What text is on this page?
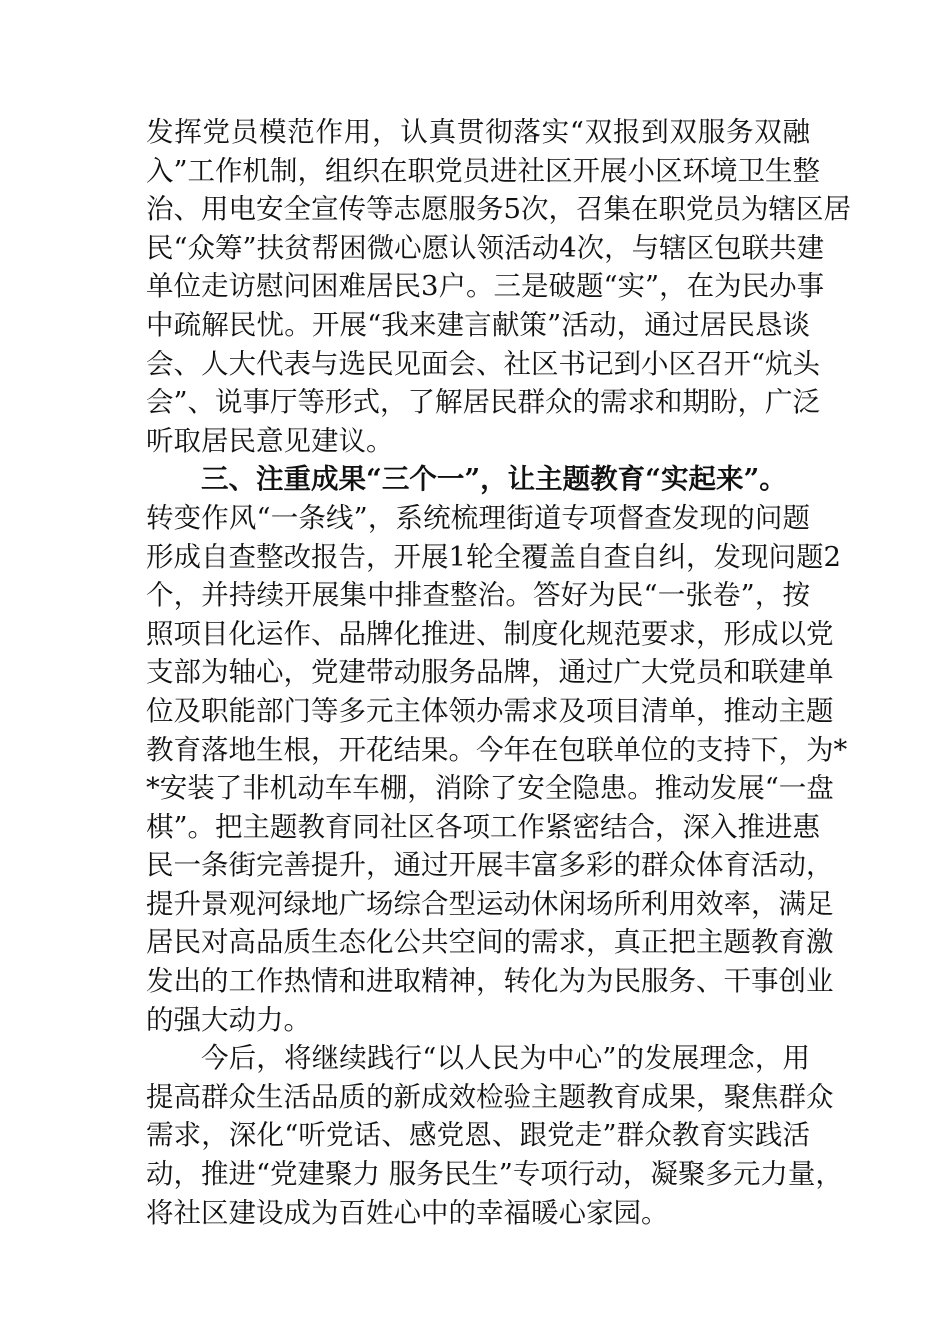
发挥党员模范作用，认真贯彻落实“双报到双服务双融
入”工作机制，组织在职党员进社区开展小区环境卫生整
治、用电安全宣传等志愿服务5次，召集在职党员为辖区居
民“众筹”扶贫帮困微心愿认领活动4次，与辖区包联共建
单位走访慰问困难居民3户。三是破题“实”，在为民办事
中疏解民忧。开展“我来建言献策”活动，通过居民恳谈
会、人大代表与选民见面会、社区书记到小区召开“炕头
会”、说事厅等形式，了解居民群众的需求和期盼，广泛
听取居民意见建议。
三、注重成果“三个一”，让主题教育“实起来”。
转变作风“一条线”，系统梳理街道专项督查发现的问题
形成自查整改报告，开展1轮全覆盖自查自纠，发现问题2
个，并持续开展集中排查整治。答好为民“一张卷”，按
照项目化运作、品牌化推进、制度化规范要求，形成以党
支部为轴心，党建带动服务品牌，通过广大党员和联建单
位及职能部门等多元主体领办需求及项目清单，推动主题
教育落地生根，开花结果。今年在包联单位的支持下，为*
*安装了非机动车车棚，消除了安全隐患。推动发展“一盘
棋”。把主题教育同社区各项工作紧密结合，深入推进惠
民一条街完善提升，通过开展丰富多彩的群众体育活动，
提升景观河绿地广场综合型运动休闲场所利用效率，满足
居民对高品质生态化公共空间的需求，真正把主题教育激
发出的工作热情和进取精神，转化为为民服务、干事创业
的强大动力。
今后，将继续践行“以人民为中心”的发展理念，用
提高群众生活品质的新成效检验主题教育成果，聚焦群众
需求，深化“听党话、感党恩、跟党走”群众教育实践活
动，推进“党建聚力 服务民生”专项行动，凝聚多元力量，
将社区建设成为百姓心中的幸福暖心家园。
